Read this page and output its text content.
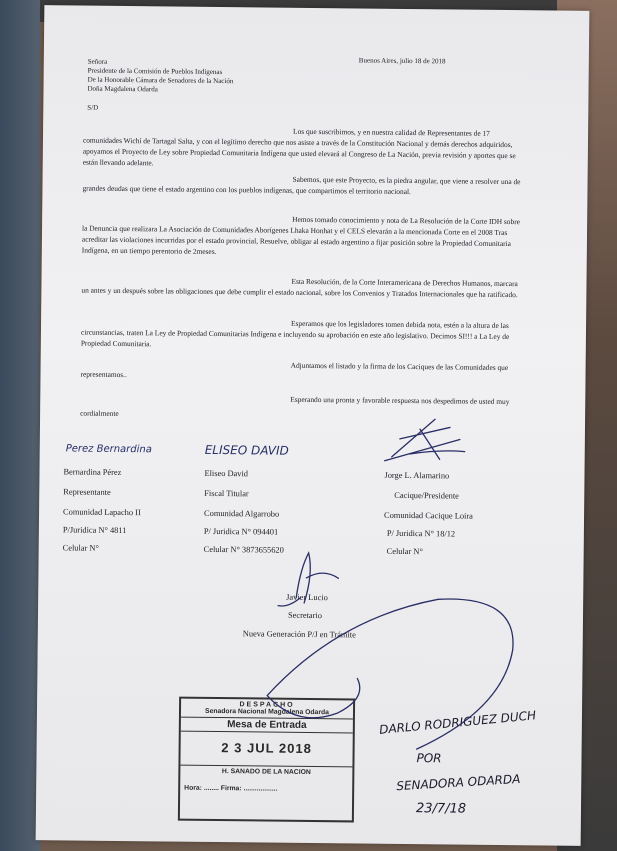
Buenos Aires, julio 18 de 2018
Señora
Presidente de la Comisión de Pueblos Indígenas
De la Honorable Cámara de Senadores de la Nación
Doña Magdalena Odarda
S/D
Los que suscribimos, y en nuestra calidad de Representantes de 17 comunidades Wichí de Tartagal Salta, y con el legítimo derecho que nos asiste a través de la Constitución Nacional y demás derechos adquiridos, apoyamos el Proyecto de Ley sobre Propiedad Comunitaria Indígena que usted elevará al Congreso de La Nación, previa revisión y aportes que se están llevando adelante.
Sabemos, que este Proyecto, es la piedra angular, que viene a resolver una de grandes deudas que tiene el estado argentino con los pueblos indígenas, que compartimos el territorio nacional.
Hemos tomado conocimiento y nota de La Resolución de la Corte IDH sobre la Denuncia que realizara La Asociación de Comunidades Aborígenes Lhaka Honhat y el CELS elevarán a la mencionada Corte en el 2008 Tras acreditar las violaciones incurridas por el estado provincial, Resuelve, obligar al estado argentino a fijar posición sobre la Propiedad Comunitaria Indígena, en un tiempo perentorio de 2meses.
Esta Resolución, de la Corte Interamericana de Derechos Humanos, marcara un antes y un después sobre las obligaciones que debe cumplir el estado nacional, sobre los Convenios y Tratados Internacionales que ha ratificado.
Esperamos que los legisladores tomen debida nota, estén a la altura de las circunstancias, traten La Ley de Propiedad Comunitarias Indígena e incluyendo su aprobación en este año legislativo. Decimos SI!!! a La Ley de Propiedad Comunitaria.
Adjuntamos el listado y la firma de los Caciques de las Comunidades que representamos..
Esperando una pronta y favorable respuesta nos despedimos de usted muy cordialmente
Perez Bernardina	ELISEO DAVID
Bernardina Pérez
Representante
Comunidad Lapacho II
P/Juridica N° 4811
Celular N°
Eliseo David
Fiscal Titular
Comunidad Algarrobo
P/ Juridica N° 094401
Celular N° 3873655620
Jorge L. Alamarino
Cacique/Presidente
Comunidad Cacique Loira
P/ Juridica N° 18/12
Celular N°
Javier Lucio
Secretario
Nueva Generación P/J en Trámite
DESPACHO
Senadora Nacional Magdalena Odarda
Mesa de Entrada
2 3 JUL 2018
H. SANADO DE LA NACION
Hora: ........ Firma: ..................
DARLO RODRIGUEZ DUCH
POR
SENADORA ODARDA
23/7/18
